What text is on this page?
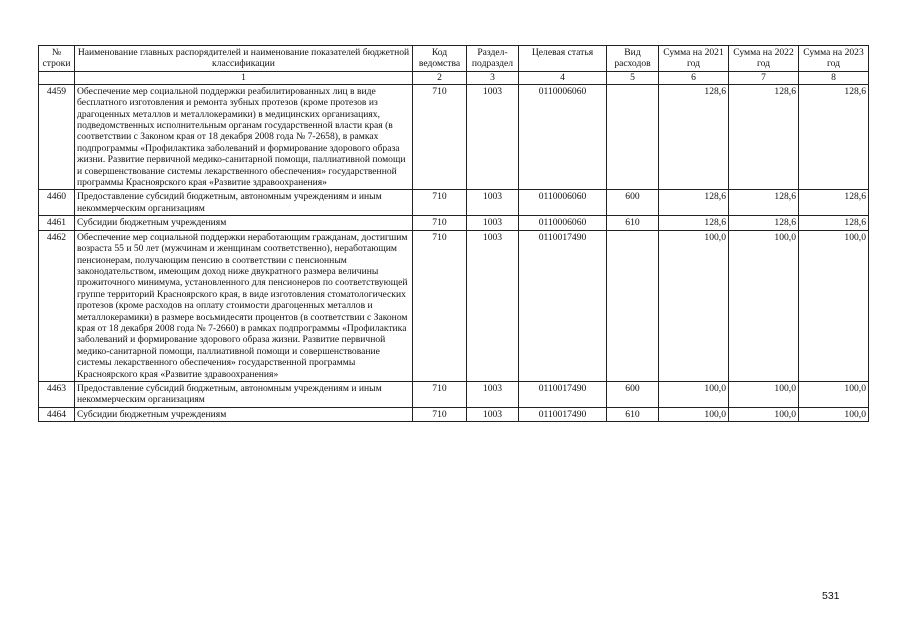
№ строки	Наименование главных распорядителей и наименование показателей бюджетной классификации	Код ведомства	Раздел-подраздел	Целевая статья	Вид расходов	Сумма на 2021 год	Сумма на 2022 год	Сумма на 2023 год
	1	2	3	4	5	6	7	8
4459	Обеспечение мер социальной поддержки реабилитированных лиц в виде бесплатного изготовления и ремонта зубных протезов (кроме протезов из драгоценных металлов и металлокерамики) в медицинских организациях, подведомственных исполнительным органам государственной власти края (в соответствии с Законом края от 18 декабря 2008 года № 7-2658), в рамках подпрограммы «Профилактика заболеваний и формирование здорового образа жизни. Развитие первичной медико-санитарной помощи, паллиативной помощи и совершенствование системы лекарственного обеспечения» государственной программы Красноярского края «Развитие здравоохранения»	710	1003	0110006060		128,6	128,6	128,6
4460	Предоставление субсидий бюджетным, автономным учреждениям и иным некоммерческим организациям	710	1003	0110006060	600	128,6	128,6	128,6
4461	Субсидии бюджетным учреждениям	710	1003	0110006060	610	128,6	128,6	128,6
4462	Обеспечение мер социальной поддержки неработающим гражданам, достигшим возраста 55 и 50 лет (мужчинам и женщинам соответственно), неработающим пенсионерам, получающим пенсию в соответствии с пенсионным законодательством, имеющим доход ниже двукратного размера величины прожиточного минимума, установленного для пенсионеров по соответствующей группе территорий Красноярского края, в виде изготовления стоматологических протезов (кроме расходов на оплату стоимости драгоценных металлов и металлокерамики) в размере восьмидесяти процентов (в соответствии с Законом края от 18 декабря 2008 года № 7-2660) в рамках подпрограммы «Профилактика заболеваний и формирование здорового образа жизни. Развитие первичной медико-санитарной помощи, паллиативной помощи и совершенствование системы лекарственного обеспечения» государственной программы Красноярского края «Развитие здравоохранения»	710	1003	0110017490		100,0	100,0	100,0
4463	Предоставление субсидий бюджетным, автономным учреждениям и иным некоммерческим организациям	710	1003	0110017490	600	100,0	100,0	100,0
4464	Субсидии бюджетным учреждениям	710	1003	0110017490	610	100,0	100,0	100,0
531
